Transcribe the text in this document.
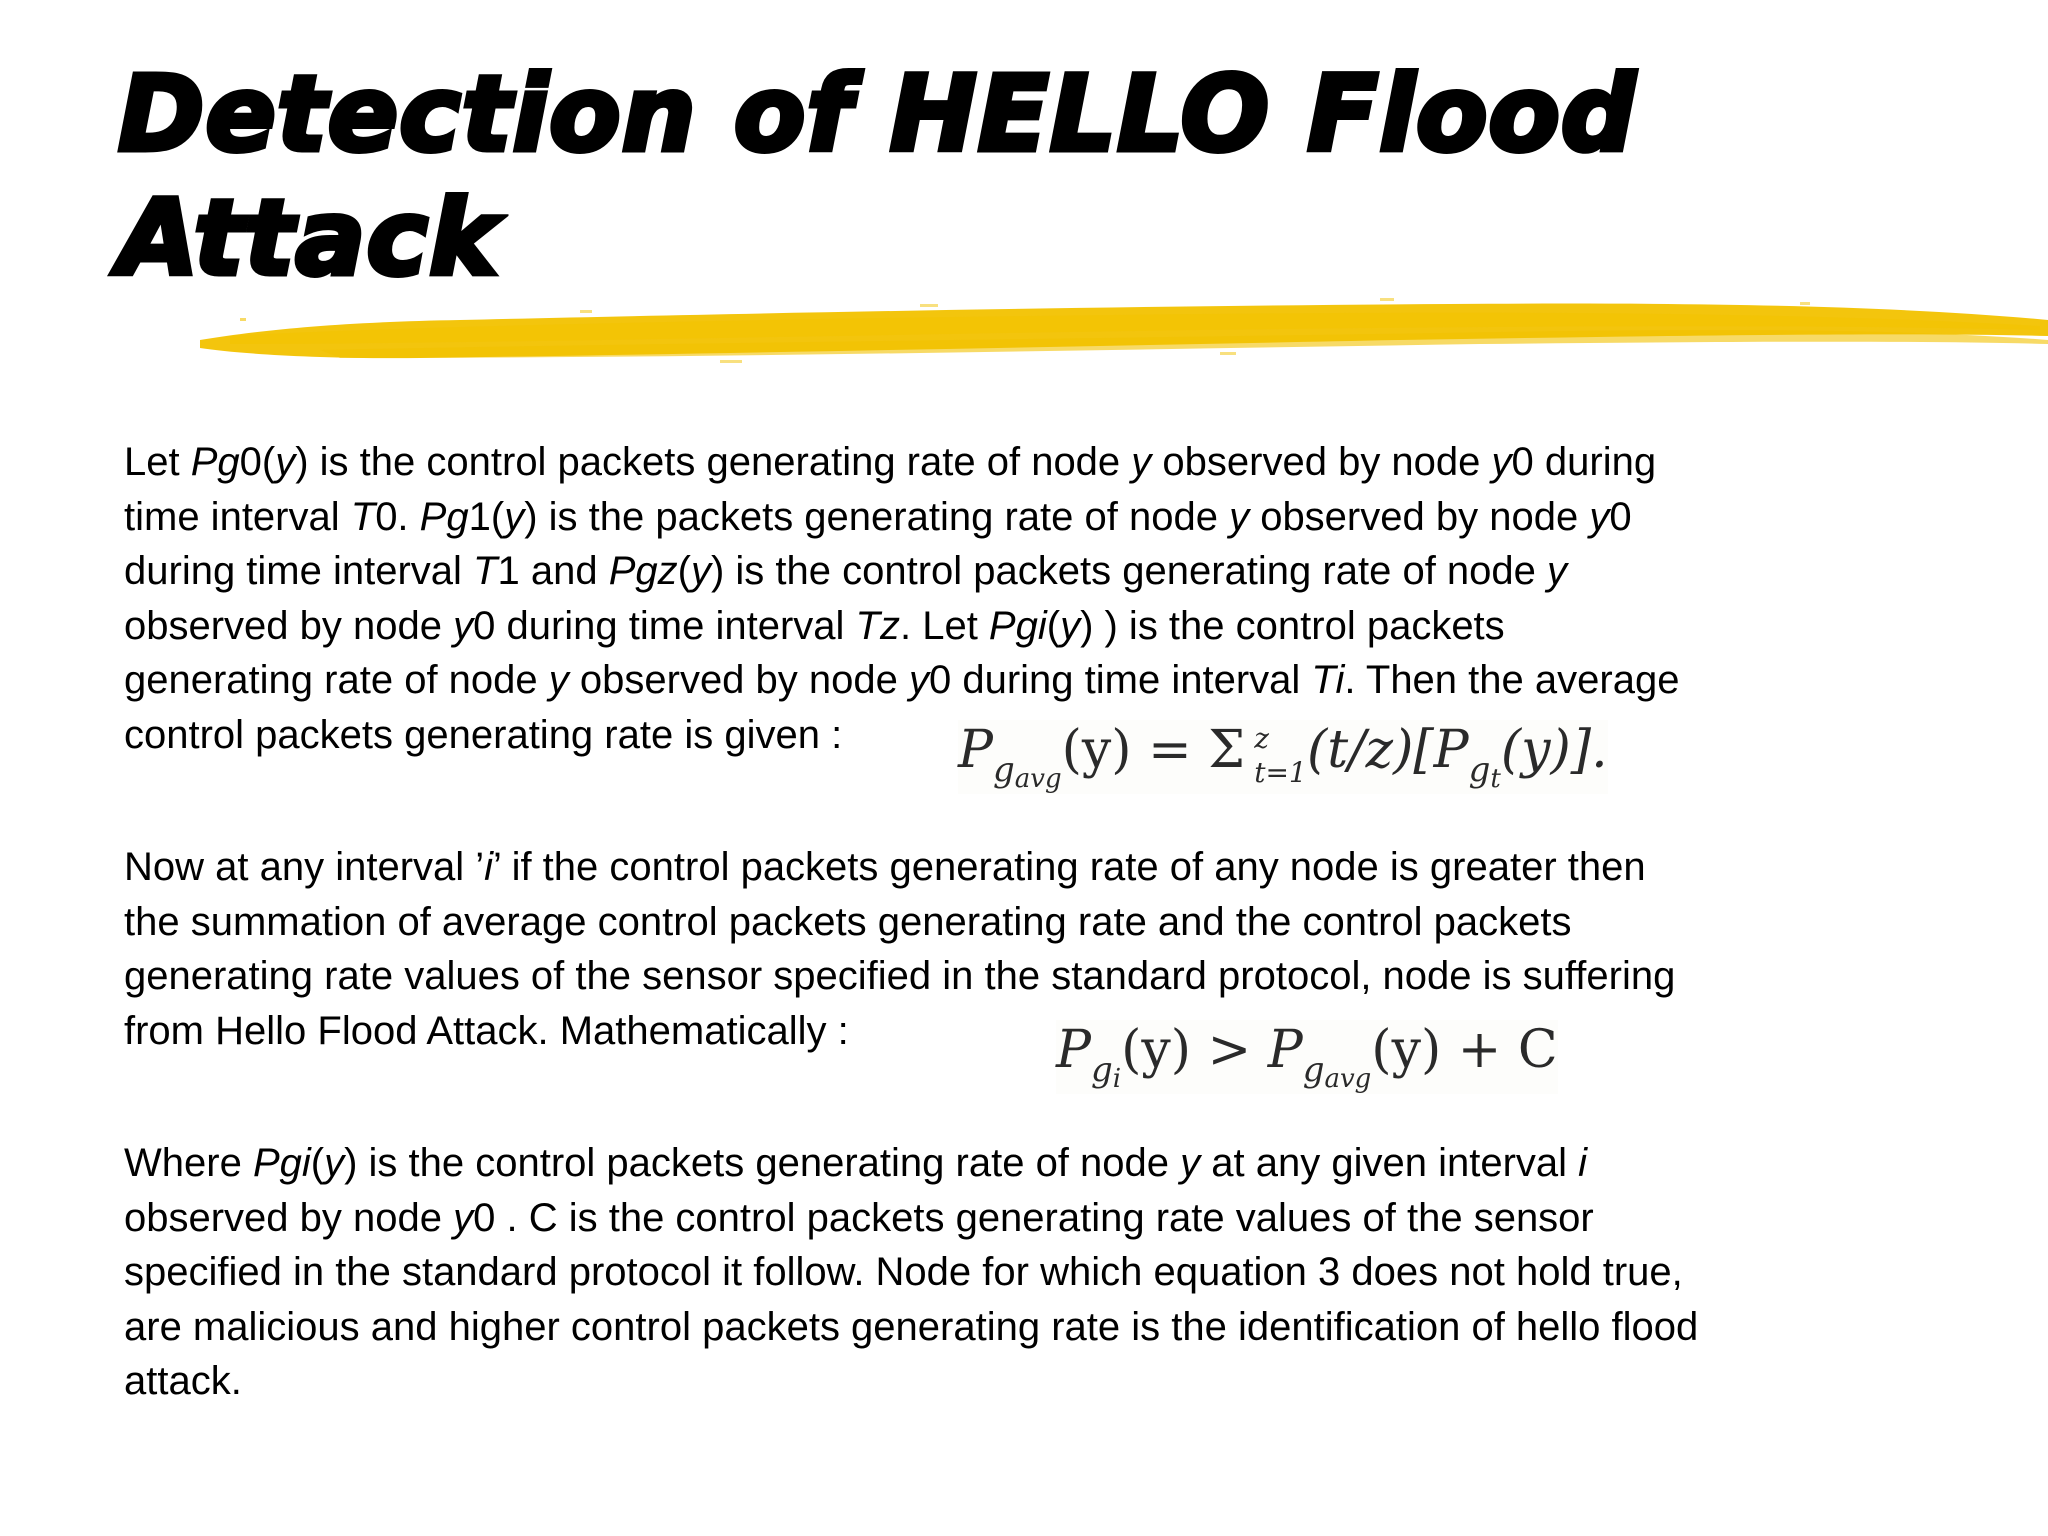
Detection of HELLO Flood
Attack

Let Pg0(y) is the control packets generating rate of node y observed by node y0 during
time interval T0. Pg1(y) is the packets generating rate of node y observed by node y0
during time interval T1 and Pgz(y) is the control packets generating rate of node y
observed by node y0 during time interval Tz. Let Pgi(y) ) is the control packets
generating rate of node y observed by node y0 during time interval Ti. Then the average
control packets generating rate is given :	$P_{gavg}(y) = \Sigma$ z
t=1 $(t/z)[P_{gt}(y)]$.

Now at any interval ’i’ if the control packets generating rate of any node is greater then
the summation of average control packets generating rate and the control packets
generating rate values of the sensor specified in the standard protocol, node is suffering
from Hello Flood Attack. Mathematically :	$P_{gi}(y) > P_{gavg}(y) + C$

Where Pgi(y) is the control packets generating rate of node y at any given interval i
observed by node y0 . C is the control packets generating rate values of the sensor
specified in the standard protocol it follow. Node for which equation 3 does not hold true,
are malicious and higher control packets generating rate is the identification of hello flood
attack.
